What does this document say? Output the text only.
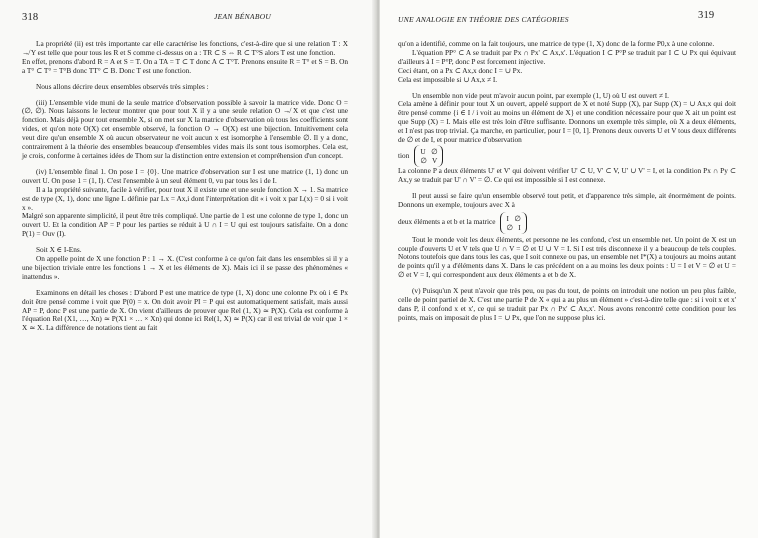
318	JEAN BÉNABOU

La propriété (ii) est très importante car elle caractérise les fonctions, c'est-à-dire que si une relation T : X ↛ Y est telle que pour tous les R et S comme ci-dessus on a : TR ⊂ S ⇔ R ⊂ T°S alors T est une fonction.

En effet, prenons d'abord R = A et S = T. On a TA = T ⊂ T donc A ⊂ T°T. Prenons ensuite R = T° et S = B. On a T° ⊂ T° = T°B donc TT° ⊂ B. Donc T est une fonction.

Nous allons décrire deux ensembles observés très simples :

(iii) L'ensemble vide muni de la seule matrice d'observation possible à savoir la matrice vide. Donc O = (∅, ∅). Nous laissons le lecteur montrer que pour tout X il y a une seule relation O ↛ X et que c'est une fonction. Mais déjà pour tout ensemble X, si on met sur X la matrice d'observation où tous les coefficients sont vides, et qu'on note O(X) cet ensemble observé, la fonction O → O(X) est une bijection. Intuitivement cela veut dire qu'un ensemble X où aucun observateur ne voit aucun x est isomorphe à l'ensemble ∅. Il y a donc, contrairement à la théorie des ensembles beaucoup d'ensembles vides mais ils sont tous isomorphes. Cela est, je crois, conforme à certaines idées de Thom sur la distinction entre extension et compréhension d'un concept.

(iv) L'ensemble final 1. On pose I = {0}. Une matrice d'observation sur I est une matrice (1, 1) donc un ouvert U. On pose 1 = (1, I). C'est l'ensemble à un seul élément 0, vu par tous les i de I.

Il a la propriété suivante, facile à vérifier, pour tout X il existe une et une seule fonction X → 1. Sa matrice est de type (X, 1), donc une ligne L définie par Lx = Ax,i dont l'interprétation dit « i voit x par L(x) = 0 si i voit x ».

Malgré son apparente simplicité, il peut être très compliqué. Une partie de 1 est une colonne de type 1, donc un ouvert U. Et la condition AP = P pour les parties se réduit à U ∩ I = U qui est toujours satisfaite. On a donc P(1) = Ouv (I).

Soit X ∈ I-Ens.

On appelle point de X une fonction P : 1 → X. (C'est conforme à ce qu'on fait dans les ensembles si il y a une bijection triviale entre les fonctions 1 → X et les éléments de X). Mais ici il se passe des phénomènes « inattendus ».

Examinons en détail les choses : D'abord P est une matrice de type (1, X) donc une colonne Px où i ∈ Px doit être pensé comme i voit que P(0) = x. On doit avoir PI = P qui est automatiquement satisfait, mais aussi AP = P, donc P est une partie de X. On vient d'ailleurs de prouver que Rel (1, X) ≃ P(X). Cela est conforme à l'équation Rel (X1, …, Xn) ≃ P(X1 × … × Xn) qui donne ici Rel(1, X) ≃ P(X) car il est trivial de voir que 1 × X ≃ X. La différence de notations tient au fait

UNE ANALOGIE EN THÉORIE DES CATÉGORIES	319

qu'on a identifié, comme on la fait toujours, une matrice de type (1, X) donc de la forme P0,x à une colonne.

L'équation PP° ⊂ A se traduit par Px ∩ Px' ⊂ Ax,x'. L'équation I ⊂ P°P se traduit par I ⊂ ∪ Px qui équivaut d'ailleurs à I = P°P, donc P est forcement injective.

Ceci étant, on a Px ⊂ Ax,x donc I = ∪ Px.

Cela est impossible si ∪ Ax,x ≠ I.

Un ensemble non vide peut m'avoir aucun point, par exemple (1, U) où U est ouvert ≠ I.

Cela amène à définir pour tout X un ouvert, appelé support de X et noté Supp (X), par Supp (X) = ∪ Ax,x qui doit être pensé comme {i ∈ I / i voit au moins un élément de X} et une condition nécessaire pour que X ait un point est que Supp (X) = I. Mais elle est très loin d'être suffisante. Donnons un exemple très simple, où X a deux éléments, et I n'est pas trop trivial. Ça marche, en particulier, pour I = [0, 1]. Prenons deux ouverts U et V tous deux différents de ∅ et de I, et pour matrice d'observation

tion U   ∅
∅   V

La colonne P a deux éléments U' et V' qui doivent vérifier U' ⊂ U, V' ⊂ V, U' ∪ V' = I, et la condition Px ∩ Py ⊂ Ax,y se traduit par U' ∩ V' = ∅. Ce qui est impossible si I est connexe.

Il peut aussi se faire qu'un ensemble observé tout petit, et d'apparence très simple, ait énormément de points. Donnons un exemple, toujours avec X à

deux éléments a et b et la matrice I   ∅
∅   I

Tout le monde voit les deux éléments, et personne ne les confond, c'est un ensemble net. Un point de X est un couple d'ouverts U et V tels que U ∩ V = ∅ et U ∪ V = I. Si I est très disconnexe il y a beaucoup de tels couples. Notons toutefois que dans tous les cas, que I soit connexe ou pas, un ensemble net I*(X) a toujours au moins autant de points qu'il y a d'éléments dans X. Dans le cas précédent on a au moins les deux points : U = I et V = ∅ et U = ∅ et V = I, qui correspondent aux deux éléments a et b de X.

(v) Puisqu'un X peut n'avoir que très peu, ou pas du tout, de points on introduit une notion un peu plus faible, celle de point partiel de X. C'est une partie P de X « qui a au plus un élément » c'est-à-dire telle que : si i voit x et x' dans P, il confond x et x', ce qui se traduit par Px ∩ Px' ⊂ Ax,x'. Nous avons rencontré cette condition pour les points, mais on imposait de plus I = ∪ Px, que l'on ne suppose plus ici.
